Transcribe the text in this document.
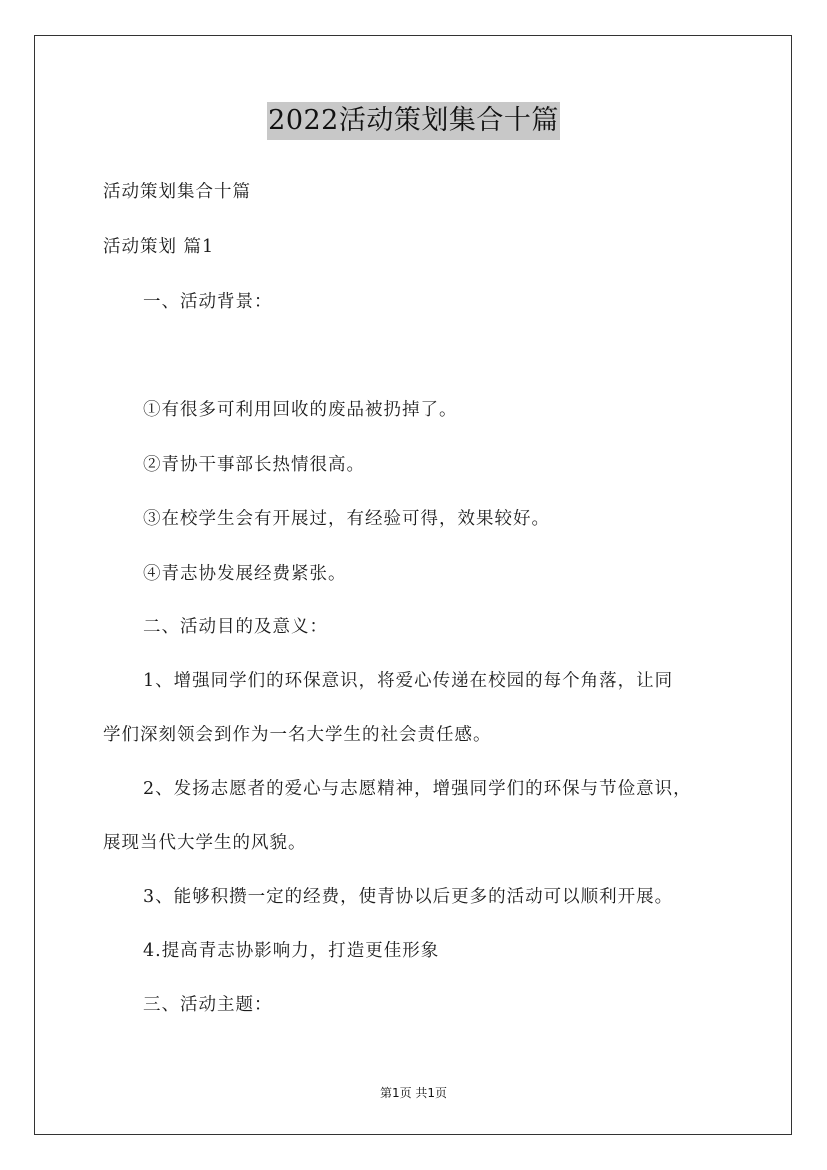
2022活动策划集合十篇
活动策划集合十篇
活动策划 篇1
一、活动背景：
①有很多可利用回收的废品被扔掉了。
②青协干事部长热情很高。
③在校学生会有开展过，有经验可得，效果较好。
④青志协发展经费紧张。
二、活动目的及意义：
1、增强同学们的环保意识，将爱心传递在校园的每个角落，让同
学们深刻领会到作为一名大学生的社会责任感。
2、发扬志愿者的爱心与志愿精神，增强同学们的环保与节俭意识，
展现当代大学生的风貌。
3、能够积攒一定的经费，使青协以后更多的活动可以顺利开展。
4.提高青志协影响力，打造更佳形象
三、活动主题：
第1页 共1页
